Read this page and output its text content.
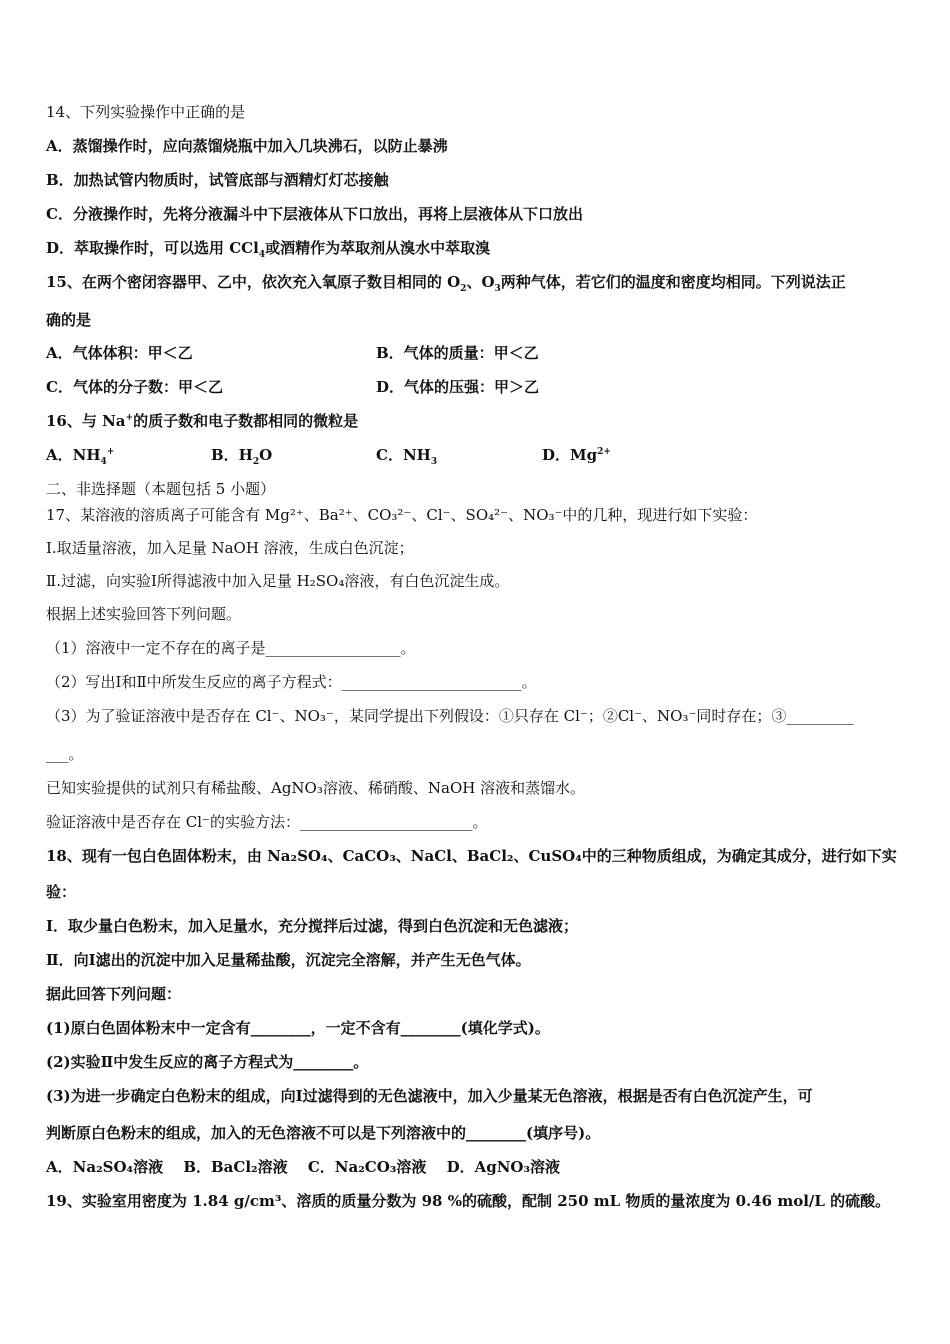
14、下列实验操作中正确的是
A．蒸馏操作时，应向蒸馏烧瓶中加入几块沸石，以防止暴沸
B．加热试管内物质时，试管底部与酒精灯灯芯接触
C．分液操作时，先将分液漏斗中下层液体从下口放出，再将上层液体从下口放出
D．萃取操作时，可以选用 CCl$_4$或酒精作为萃取剂从溴水中萃取溴
15、在两个密闭容器甲、乙中，依次充入氧原子数目相同的 $O_2$、$O_3$两种气体，若它们的温度和密度均相同。下列说法正
确的是
A．气体体积：甲＜乙	B．气体的质量：甲＜乙
C．气体的分子数：甲＜乙	D．气体的压强：甲＞乙
16、与 Na+的质子数和电子数都相同的微粒是
A．$NH_4^+$	B．$H_2O$	C．$NH_3$	D．$Mg^{2+}$
二、非选择题（本题包括 5 小题）
17、某溶液的溶质离子可能含有 Mg²⁺、Ba²⁺、CO₃²⁻、Cl⁻、SO₄²⁻、NO₃⁻中的几种，现进行如下实验：
Ⅰ.取适量溶液，加入足量 NaOH 溶液，生成白色沉淀；
Ⅱ.过滤，向实验Ⅰ所得滤液中加入足量 H₂SO₄溶液，有白色沉淀生成。
根据上述实验回答下列问题。
（1）溶液中一定不存在的离子是__________________。
（2）写出Ⅰ和Ⅱ中所发生反应的离子方程式：________________________。
（3）为了验证溶液中是否存在 Cl⁻、NO₃⁻，某同学提出下列假设：①只存在 Cl⁻；②Cl⁻、NO₃⁻同时存在；③_________
___。
已知实验提供的试剂只有稀盐酸、AgNO₃溶液、稀硝酸、NaOH 溶液和蒸馏水。
验证溶液中是否存在 Cl⁻的实验方法：_______________________。
18、现有一包白色固体粉末，由 Na₂SO₄、CaCO₃、NaCl、BaCl₂、CuSO₄中的三种物质组成，为确定其成分，进行如下实
验：
Ⅰ．取少量白色粉末，加入足量水，充分搅拌后过滤，得到白色沉淀和无色滤液；
Ⅱ．向Ⅰ滤出的沉淀中加入足量稀盐酸，沉淀完全溶解，并产生无色气体。
据此回答下列问题：
(1)原白色固体粉末中一定含有________，一定不含有________(填化学式)。
(2)实验Ⅱ中发生反应的离子方程式为________。
(3)为进一步确定白色粉末的组成，向Ⅰ过滤得到的无色滤液中，加入少量某无色溶液，根据是否有白色沉淀产生，可
判断原白色粉末的组成，加入的无色溶液不可以是下列溶液中的________(填序号)。
A．Na₂SO₄溶液　 B．BaCl₂溶液　 C．Na₂CO₃溶液　 D．AgNO₃溶液
19、实验室用密度为 1.84 g/cm³、溶质的质量分数为 98 %的硫酸，配制 250 mL 物质的量浓度为 0.46 mol/L 的硫酸。
